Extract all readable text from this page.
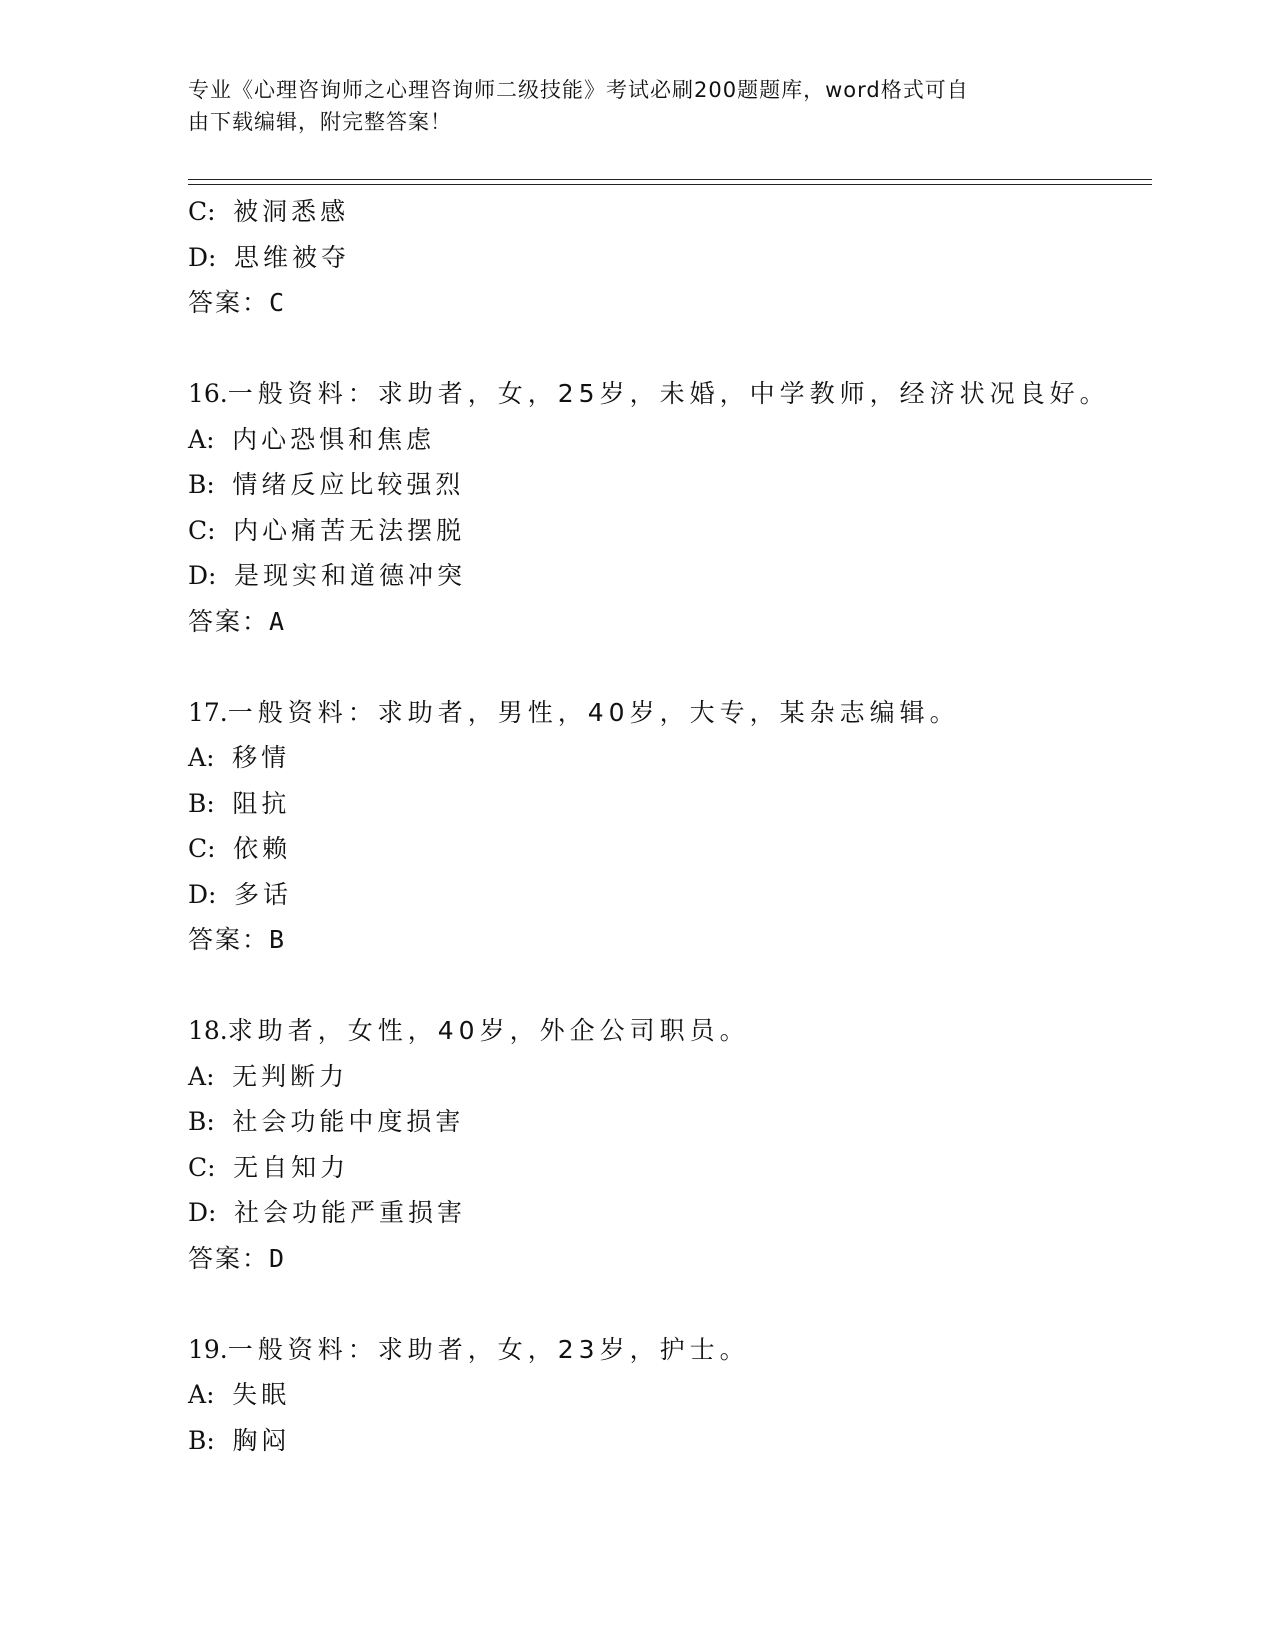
专业《心理咨询师之心理咨询师二级技能》考试必刷200题题库，word格式可自
由下载编辑，附完整答案！
C: 被洞悉感
D: 思维被夺
答案：C
16.一般资料：求助者，女，25岁，未婚，中学教师，经济状况良好。
A: 内心恐惧和焦虑
B: 情绪反应比较强烈
C: 内心痛苦无法摆脱
D: 是现实和道德冲突
答案：A
17.一般资料：求助者，男性，40岁，大专，某杂志编辑。
A: 移情
B: 阻抗
C: 依赖
D: 多话
答案：B
18.求助者，女性，40岁，外企公司职员。
A: 无判断力
B: 社会功能中度损害
C: 无自知力
D: 社会功能严重损害
答案：D
19.一般资料：求助者，女，23岁，护士。
A: 失眠
B: 胸闷
